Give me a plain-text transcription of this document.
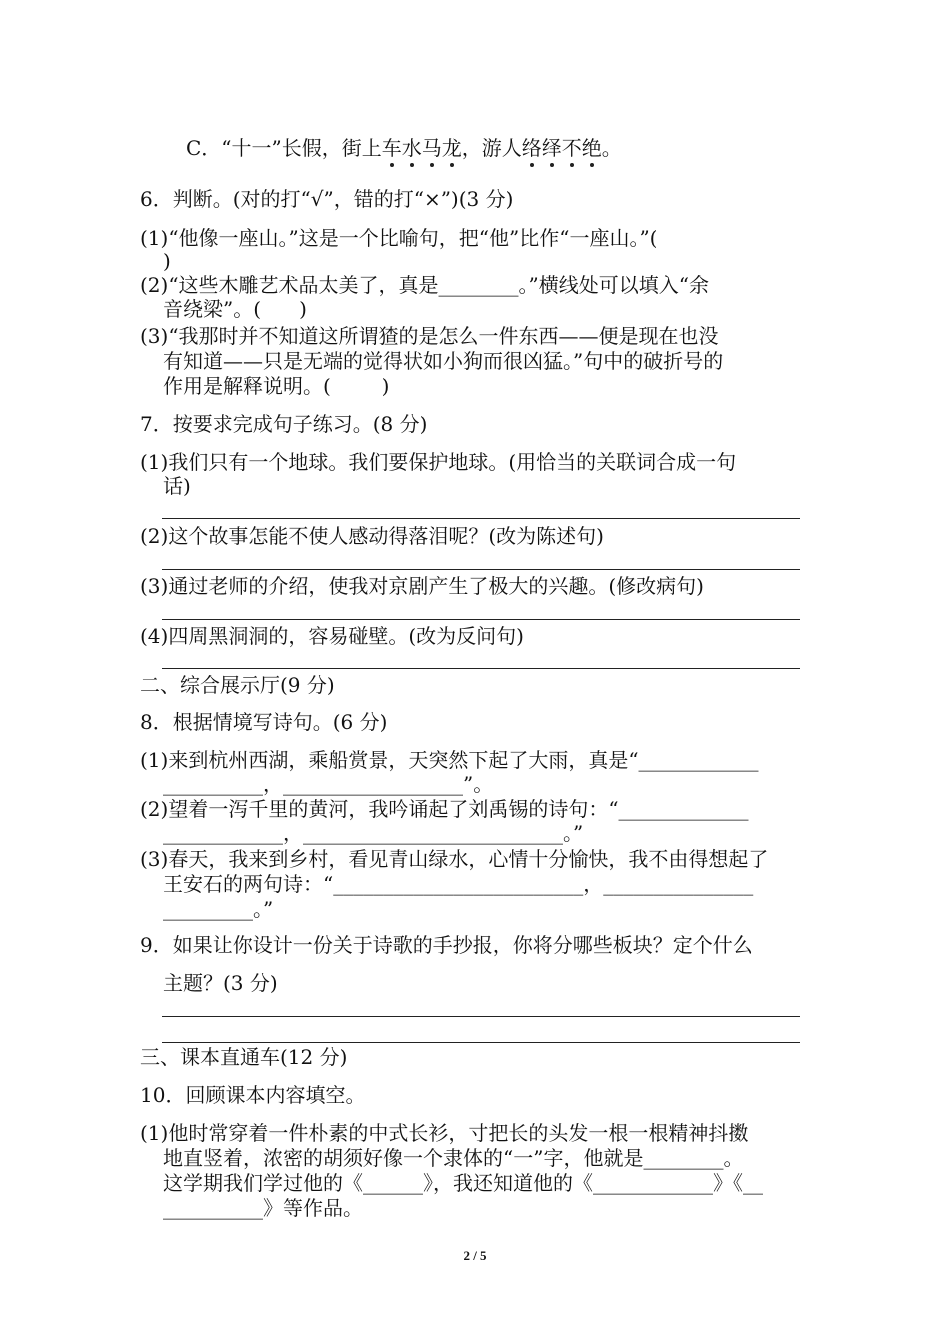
C．“十一”长假，街上车水马龙，游人络绎不绝。
6．判断。(对的打“√”，错的打“×”)(3 分)
(1)“他像一座山。”这是一个比喻句，把“他”比作“一座山。”(
)
(2)“这些木雕艺术品太美了，真是________。”横线处可以填入“余
音绕梁”。(      )
(3)“我那时并不知道这所谓猹的是怎么一件东西——便是现在也没
有知道——只是无端的觉得状如小狗而很凶猛。”句中的破折号的
作用是解释说明。(        )
7．按要求完成句子练习。(8 分)
(1)我们只有一个地球。我们要保护地球。(用恰当的关联词合成一句
话)
(2)这个故事怎能不使人感动得落泪呢？(改为陈述句)
(3)通过老师的介绍，使我对京剧产生了极大的兴趣。(修改病句)
(4)四周黑洞洞的，容易碰壁。(改为反问句)
二、综合展示厅(9 分)
8．根据情境写诗句。(6 分)
(1)来到杭州西湖，乘船赏景，天突然下起了大雨，真是“____________
__________，__________________”。
(2)望着一泻千里的黄河，我吟诵起了刘禹锡的诗句：“_____________
____________，__________________________。”
(3)春天，我来到乡村，看见青山绿水，心情十分愉快，我不由得想起了
王安石的两句诗：“_________________________，_______________
_________。”
9．如果让你设计一份关于诗歌的手抄报，你将分哪些板块？定个什么
主题？(3 分)
三、课本直通车(12 分)
10．回顾课本内容填空。
(1)他时常穿着一件朴素的中式长衫，寸把长的头发一根一根精神抖擞
地直竖着，浓密的胡须好像一个隶体的“一”字，他就是________。
这学期我们学过他的《______》，我还知道他的《____________》《__
__________》等作品。
2 / 5
